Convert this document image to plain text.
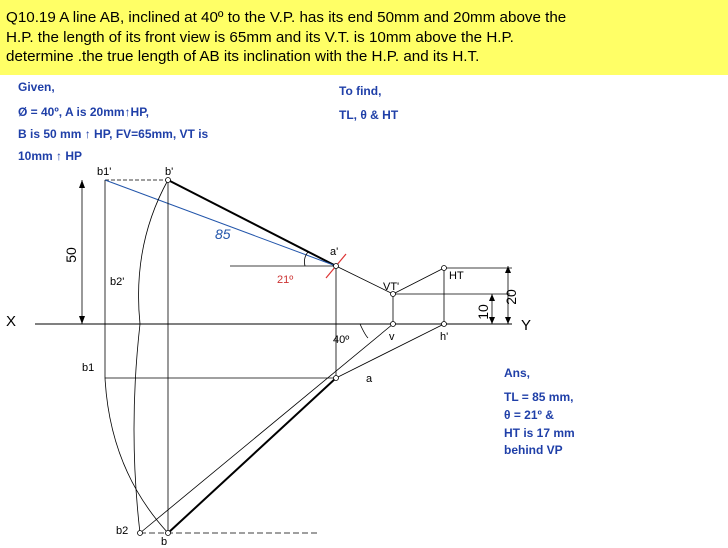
Q10.19 A line AB, inclined at 40º to the V.P. has its end 50mm and 20mm above the
H.P. the length of its front view is 65mm and its V.T. is 10mm above the H.P.
determine .the true length of AB its inclination with the H.P. and its H.T.
Given,
Ø = 40º, A is 20mm↑HP,
B is 50 mm ↑ HP, FV=65mm, VT is
10mm ↑ HP
To find,
TL, θ & HT
Ans,
TL = 85 mm,
θ = 21º &
HT is 17 mm
behind VP
X	Y
b1'	b'
a'
b2'	VT'
HT
v	h'
40º
21º
85
b1
a
b2
b
50
10
20
